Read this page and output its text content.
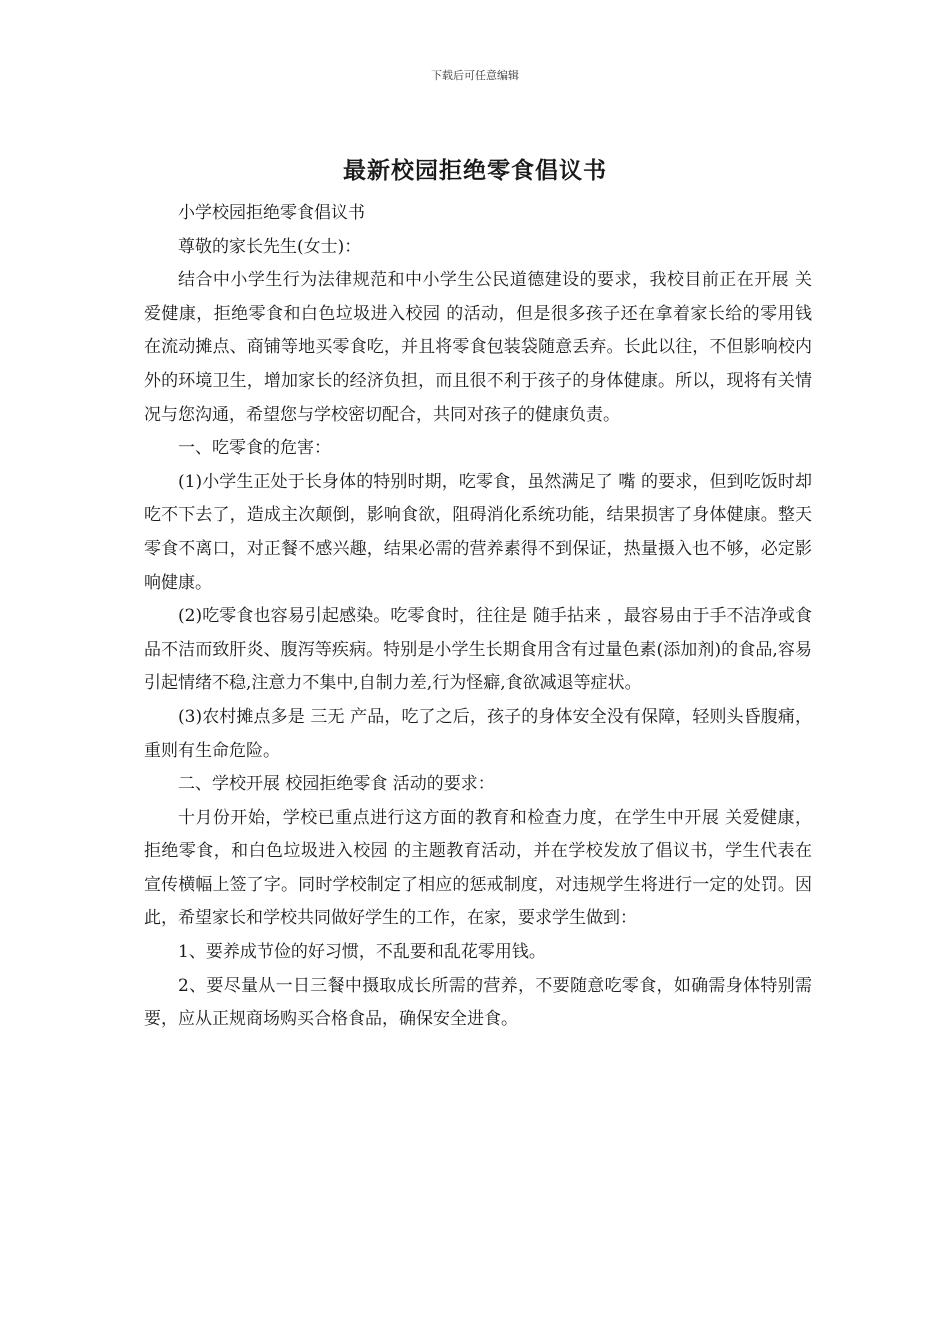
下载后可任意编辑
最新校园拒绝零食倡议书

小学校园拒绝零食倡议书

尊敬的家长先生(女士)：

结合中小学生行为法律规范和中小学生公民道德建设的要求，我校目前正在开展 关爱健康，拒绝零食和白色垃圾进入校园 的活动，但是很多孩子还在拿着家长给的零用钱在流动摊点、商铺等地买零食吃，并且将零食包装袋随意丢弃。长此以往，不但影响校内外的环境卫生，增加家长的经济负担，而且很不利于孩子的身体健康。所以，现将有关情况与您沟通，希望您与学校密切配合，共同对孩子的健康负责。

一、吃零食的危害：

(1)小学生正处于长身体的特别时期，吃零食，虽然满足了 嘴 的要求，但到吃饭时却吃不下去了，造成主次颠倒，影响食欲，阻碍消化系统功能，结果损害了身体健康。整天零食不离口，对正餐不感兴趣，结果必需的营养素得不到保证，热量摄入也不够，必定影响健康。

(2)吃零食也容易引起感染。吃零食时，往往是 随手拈来 ，最容易由于手不洁净或食品不洁而致肝炎、腹泻等疾病。特别是小学生长期食用含有过量色素(添加剂)的食品,容易引起情绪不稳,注意力不集中,自制力差,行为怪癖,食欲减退等症状。

(3)农村摊点多是 三无 产品，吃了之后，孩子的身体安全没有保障，轻则头昏腹痛，重则有生命危险。

二、学校开展 校园拒绝零食 活动的要求：

十月份开始，学校已重点进行这方面的教育和检查力度，在学生中开展 关爱健康，拒绝零食，和白色垃圾进入校园 的主题教育活动，并在学校发放了倡议书，学生代表在宣传横幅上签了字。同时学校制定了相应的惩戒制度，对违规学生将进行一定的处罚。因此，希望家长和学校共同做好学生的工作，在家，要求学生做到：

1、要养成节俭的好习惯，不乱要和乱花零用钱。

2、要尽量从一日三餐中摄取成长所需的营养，不要随意吃零食，如确需身体特别需要，应从正规商场购买合格食品，确保安全进食。
